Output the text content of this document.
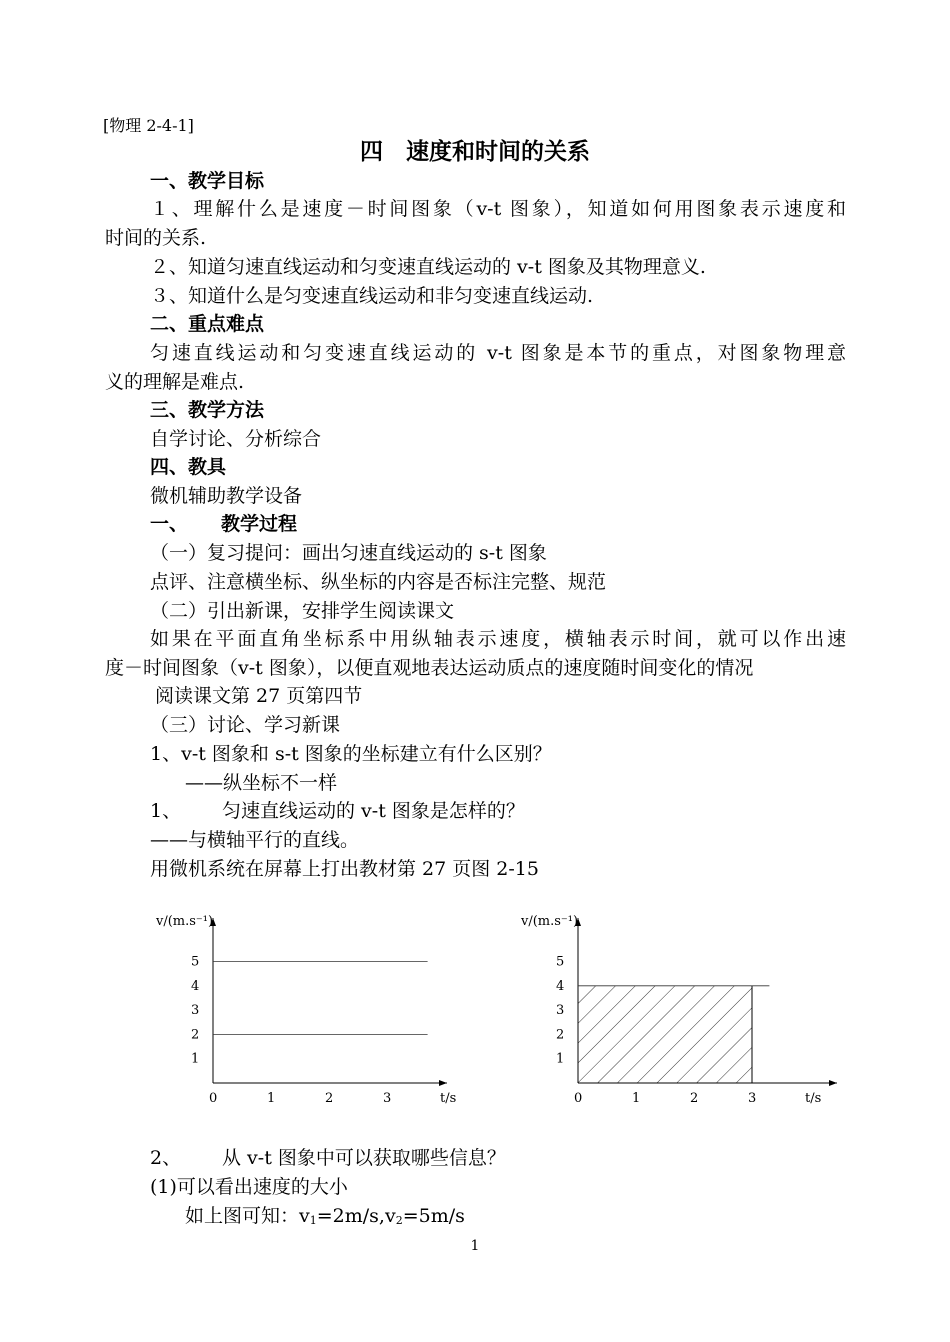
[物理 2-4-1]
四　速度和时间的关系
一、教学目标
１、理解什么是速度－时间图象（v-t 图象），知道如何用图象表示速度和
时间的关系.
２、知道匀速直线运动和匀变速直线运动的 v-t 图象及其物理意义.
３、知道什么是匀变速直线运动和非匀变速直线运动.
二、重点难点
匀速直线运动和匀变速直线运动的 v-t 图象是本节的重点，对图象物理意
义的理解是难点.
三、教学方法
自学讨论、分析综合
四、教具
微机辅助教学设备
一、 教学过程
（一）复习提问：画出匀速直线运动的 s-t 图象
点评、注意横坐标、纵坐标的内容是否标注完整、规范
（二）引出新课，安排学生阅读课文
如果在平面直角坐标系中用纵轴表示速度，横轴表示时间，就可以作出速
度－时间图象（v-t 图象），以便直观地表达运动质点的速度随时间变化的情况
阅读课文第 27 页第四节
（三）讨论、学习新课
1、v-t 图象和 s-t 图象的坐标建立有什么区别？
——纵坐标不一样
1、 匀速直线运动的 v-t 图象是怎样的？
——与横轴平行的直线。
用微机系统在屏幕上打出教材第 27 页图 2-15
v/(m.s⁻¹)
t/s
0	1	2	3
1
2
3
4
5
v/(m.s⁻¹)
t/s
0	1	2	3
1
2
3
4
5
2、 从 v-t 图象中可以获取哪些信息？
(1)可以看出速度的大小
如上图可知：$v_1=2m/s,v_2=5m/s$
1
